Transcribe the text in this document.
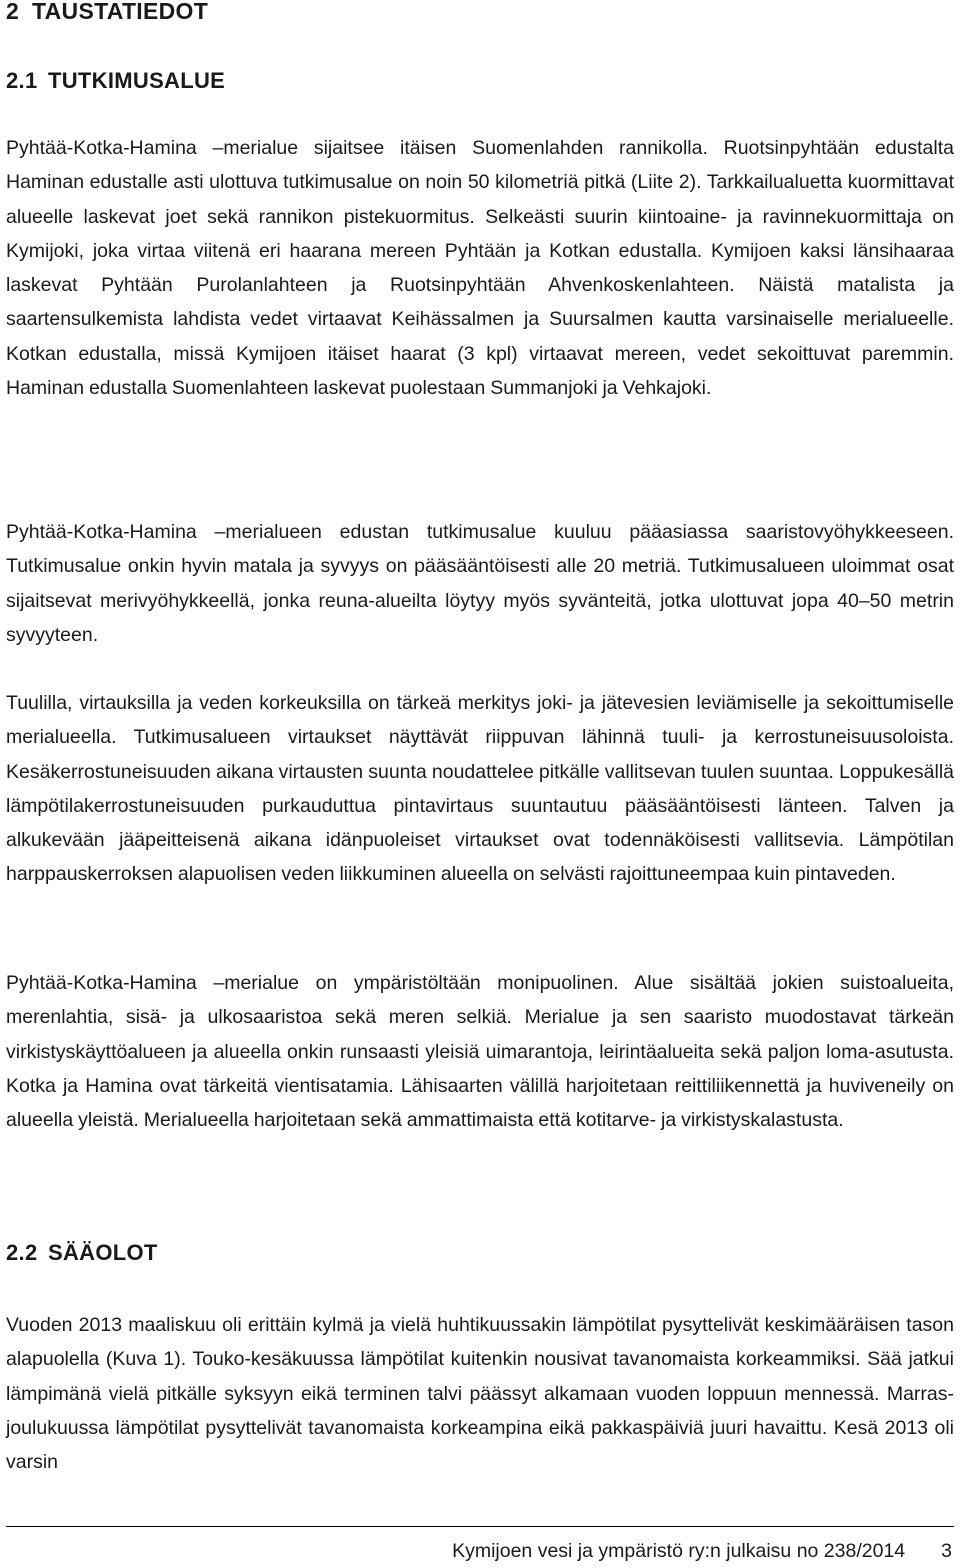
2 TAUSTATIEDOT
2.1 TUTKIMUSALUE

Pyhtää-Kotka-Hamina –merialue sijaitsee itäisen Suomenlahden rannikolla. Ruotsinpyhtään edustalta Haminan edustalle asti ulottuva tutkimusalue on noin 50 kilometriä pitkä (Liite 2). Tarkkailualuetta kuormittavat alueelle laskevat joet sekä rannikon pistekuormitus. Selkeästi suurin kiintoaine- ja ravinnekuormittaja on Kymijoki, joka virtaa viitenä eri haarana mereen Pyhtään ja Kotkan edustalla. Kymijoen kaksi länsihaaraa laskevat Pyhtään Purolanlahteen ja Ruotsinpyhtään Ahvenkoskenlahteen. Näistä matalista ja saartensulkemista lahdista vedet virtaavat Keihässalmen ja Suursalmen kautta varsinaiselle merialueelle. Kotkan edustalla, missä Kymijoen itäiset haarat (3 kpl) virtaavat mereen, vedet sekoittuvat paremmin. Haminan edustalla Suomenlahteen laskevat puolestaan Summanjoki ja Vehkajoki.

Pyhtää-Kotka-Hamina –merialueen edustan tutkimusalue kuuluu pääasiassa saaristovyöhykkeeseen. Tutkimusalue onkin hyvin matala ja syvyys on pääsääntöisesti alle 20 metriä. Tutkimusalueen uloimmat osat sijaitsevat merivyöhykkeellä, jonka reuna-alueilta löytyy myös syvänteitä, jotka ulottuvat jopa 40–50 metrin syvyyteen.

Tuulilla, virtauksilla ja veden korkeuksilla on tärkeä merkitys joki- ja jätevesien leviämiselle ja sekoittumiselle merialueella. Tutkimusalueen virtaukset näyttävät riippuvan lähinnä tuuli- ja kerrostuneisuusoloista. Kesäkerrostuneisuuden aikana virtausten suunta noudattelee pitkälle vallitsevan tuulen suuntaa. Loppukesällä lämpötilakerrostuneisuuden purkauduttua pintavirtaus suuntautuu pääsääntöisesti länteen. Talven ja alkukevään jääpeitteisenä aikana idänpuoleiset virtaukset ovat todennäköisesti vallitsevia. Lämpötilan harppauskerroksen alapuolisen veden liikkuminen alueella on selvästi rajoittuneempaa kuin pintaveden.

Pyhtää-Kotka-Hamina –merialue on ympäristöltään monipuolinen. Alue sisältää jokien suistoalueita, merenlahtia, sisä- ja ulkosaaristoa sekä meren selkiä. Merialue ja sen saaristo muodostavat tärkeän virkistyskäyttöalueen ja alueella onkin runsaasti yleisiä uimarantoja, leirintäalueita sekä paljon loma-asutusta. Kotka ja Hamina ovat tärkeitä vientisatamia. Lähisaarten välillä harjoitetaan reittiliikennettä ja huviveneily on alueella yleistä. Merialueella harjoitetaan sekä ammattimaista että kotitarve- ja virkistyskalastusta.

2.2 SÄÄOLOT

Vuoden 2013 maaliskuu oli erittäin kylmä ja vielä huhtikuussakin lämpötilat pysyttelivät keskimääräisen tason alapuolella (Kuva 1). Touko-kesäkuussa lämpötilat kuitenkin nousivat tavanomaista korkeammiksi. Sää jatkui lämpimänä vielä pitkälle syksyyn eikä terminen talvi päässyt alkamaan vuoden loppuun mennessä. Marras-joulukuussa lämpötilat pysyttelivät tavanomaista korkeampina eikä pakkaspäiviä juuri havaittu. Kesä 2013 oli varsin

Kymijoen vesi ja ympäristö ry:n julkaisu no 238/2014 3
